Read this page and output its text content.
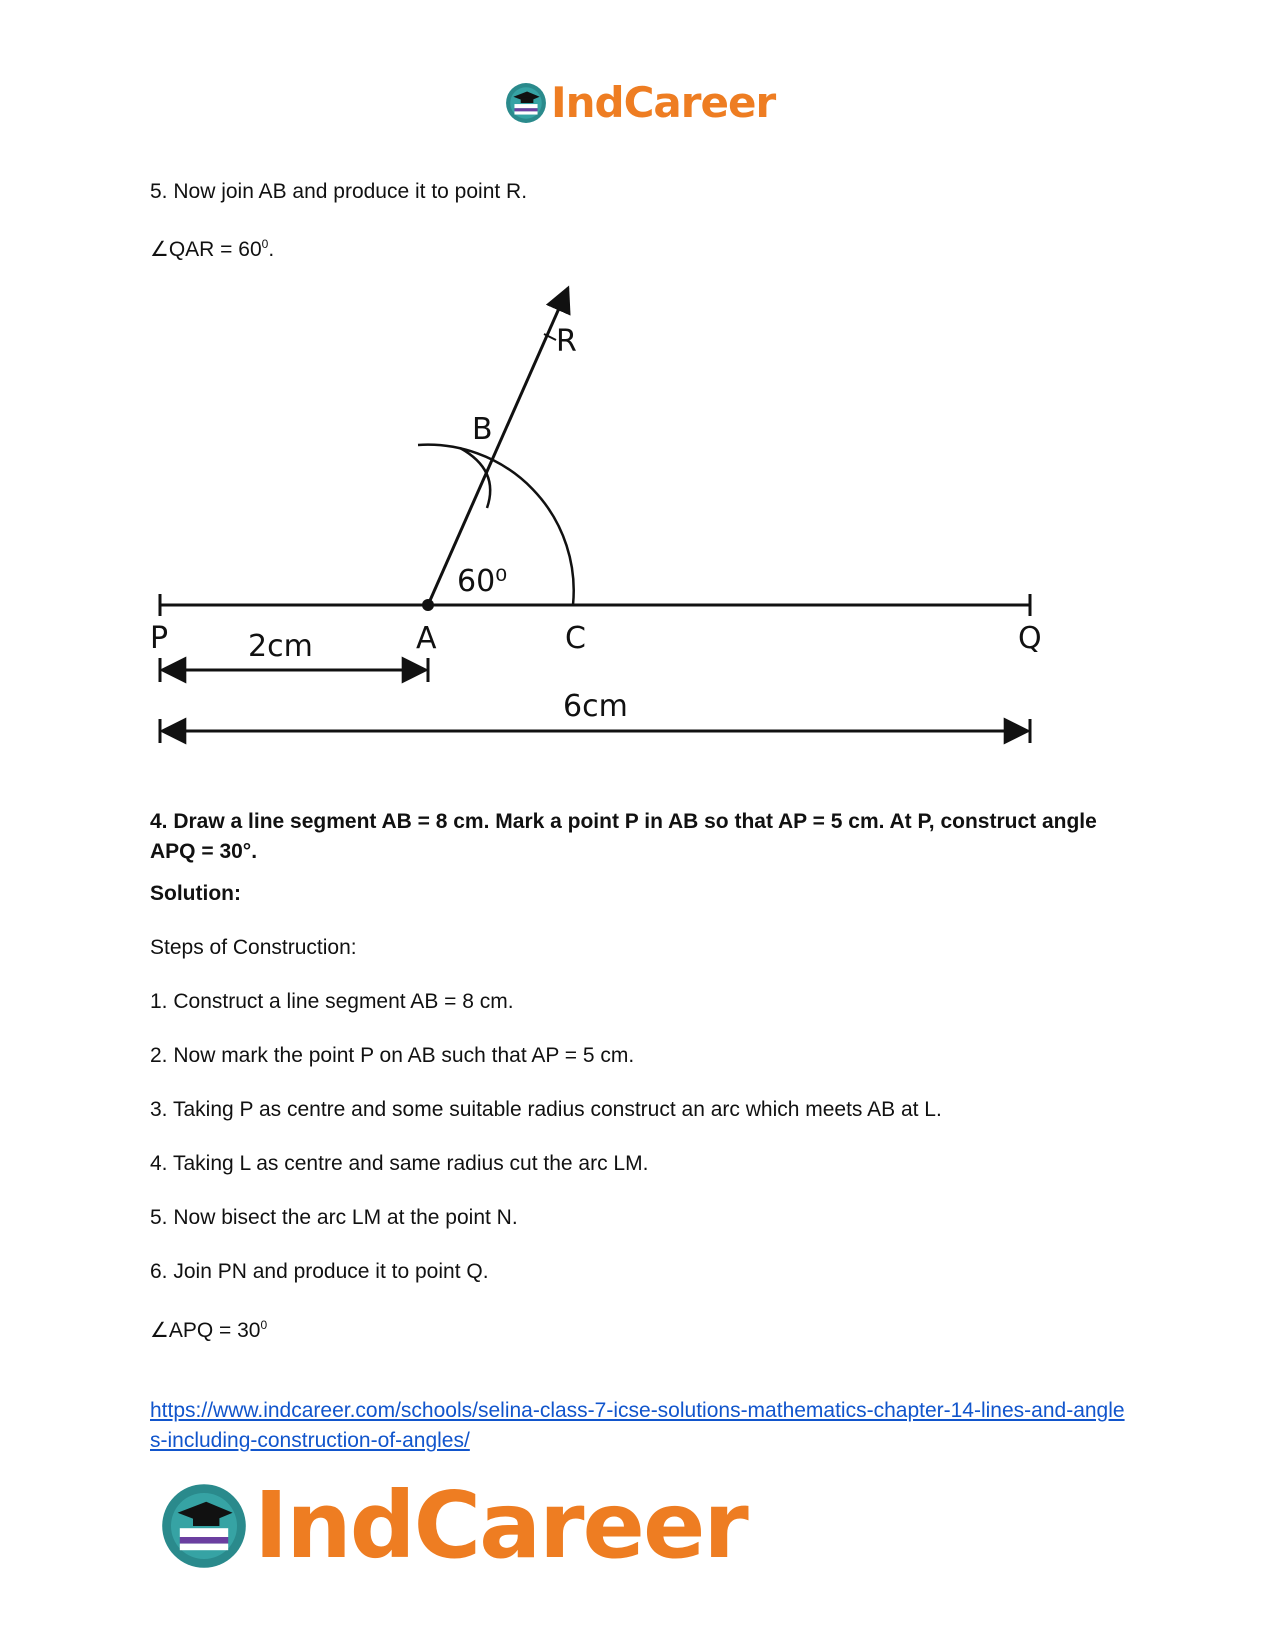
IndCareer
5. Now join AB and produce it to point R.
∠QAR = $60^0$.
R
B
60⁰
P	A	C	Q
2cm
6cm
4. Draw a line segment AB = 8 cm. Mark a point P in AB so that AP = 5 cm. At P, construct angle APQ = 30°.
Solution:
Steps of Construction:
1. Construct a line segment AB = 8 cm.
2. Now mark the point P on AB such that AP = 5 cm.
3. Taking P as centre and some suitable radius construct an arc which meets AB at L.
4. Taking L as centre and same radius cut the arc LM.
5. Now bisect the arc LM at the point N.
6. Join PN and produce it to point Q.
∠APQ = $30^0$
https://www.indcareer.com/schools/selina-class-7-icse-solutions-mathematics-chapter-14-lines-and-angles-including-construction-of-angles/
IndCareer
